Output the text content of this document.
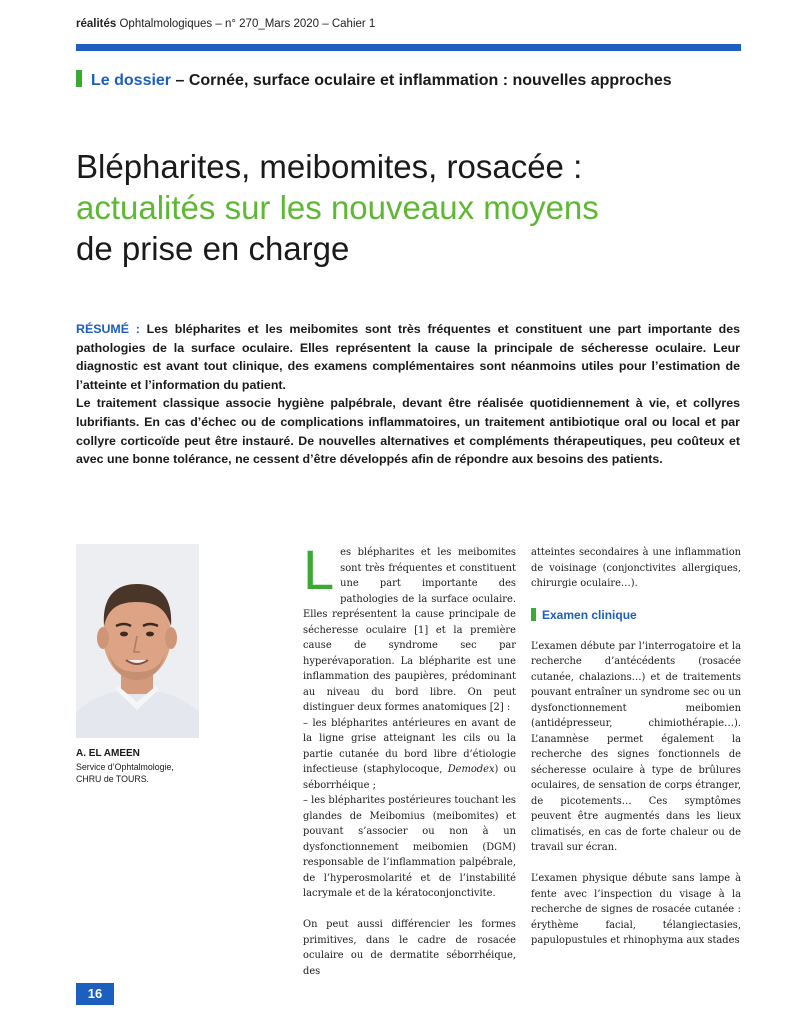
réalités Ophtalmologiques – n° 270_Mars 2020 – Cahier 1
Le dossier – Cornée, surface oculaire et inflammation : nouvelles approches
Blépharites, meibomites, rosacée :
actualités sur les nouveaux moyens
de prise en charge

RÉSUMÉ : Les blépharites et les meibomites sont très fréquentes et constituent une part importante des pathologies de la surface oculaire. Elles représentent la cause la principale de sécheresse oculaire. Leur diagnostic est avant tout clinique, des examens complémentaires sont néanmoins utiles pour l’estimation de l’atteinte et l’information du patient.

Le traitement classique associe hygiène palpébrale, devant être réalisée quotidiennement à vie, et collyres lubrifiants. En cas d’échec ou de complications inflammatoires, un traitement antibiotique oral ou local et par collyre corticoïde peut être instauré. De nouvelles alternatives et compléments thérapeutiques, peu coûteux et avec une bonne tolérance, ne cessent d’être développés afin de répondre aux besoins des patients.

A. EL AMEEN
Service d’Ophtalmologie,
CHRU de TOURS.

Les blépharites et les meibomites sont très fréquentes et constituent une part importante des pathologies de la surface oculaire. Elles représentent la cause principale de sécheresse oculaire [1] et la première cause de syndrome sec par hyperévaporation. La blépharite est une inflammation des paupières, prédominant au niveau du bord libre. On peut distinguer deux formes anatomiques [2] :

– les blépharites antérieures en avant de la ligne grise atteignant les cils ou la partie cutanée du bord libre d’étiologie infectieuse (staphylocoque, Demodex) ou séborrhéique ;

– les blépharites postérieures touchant les glandes de Meibomius (meibomites) et pouvant s’associer ou non à un dysfonctionnement meibomien (DGM) responsable de l’inflammation palpébrale, de l’hyperosmolarité et de l’instabilité lacrymale et de la kératoconjonctivite.

On peut aussi différencier les formes primitives, dans le cadre de rosacée oculaire ou de dermatite séborrhéique, des

atteintes secondaires à une inflammation de voisinage (conjonctivites allergiques, chirurgie oculaire…).

Examen clinique

L’examen débute par l’interrogatoire et la recherche d’antécédents (rosacée cutanée, chalazions…) et de traitements pouvant entraîner un syndrome sec ou un dysfonctionnement meibomien (antidépresseur, chimiothérapie…). L’anamnèse permet également la recherche des signes fonctionnels de sécheresse oculaire à type de brûlures oculaires, de sensation de corps étranger, de picotements… Ces symptômes peuvent être augmentés dans les lieux climatisés, en cas de forte chaleur ou de travail sur écran.

L’examen physique débute sans lampe à fente avec l’inspection du visage à la recherche de signes de rosacée cutanée : érythème facial, télangiectasies, papulopustules et rhinophyma aux stades

16
